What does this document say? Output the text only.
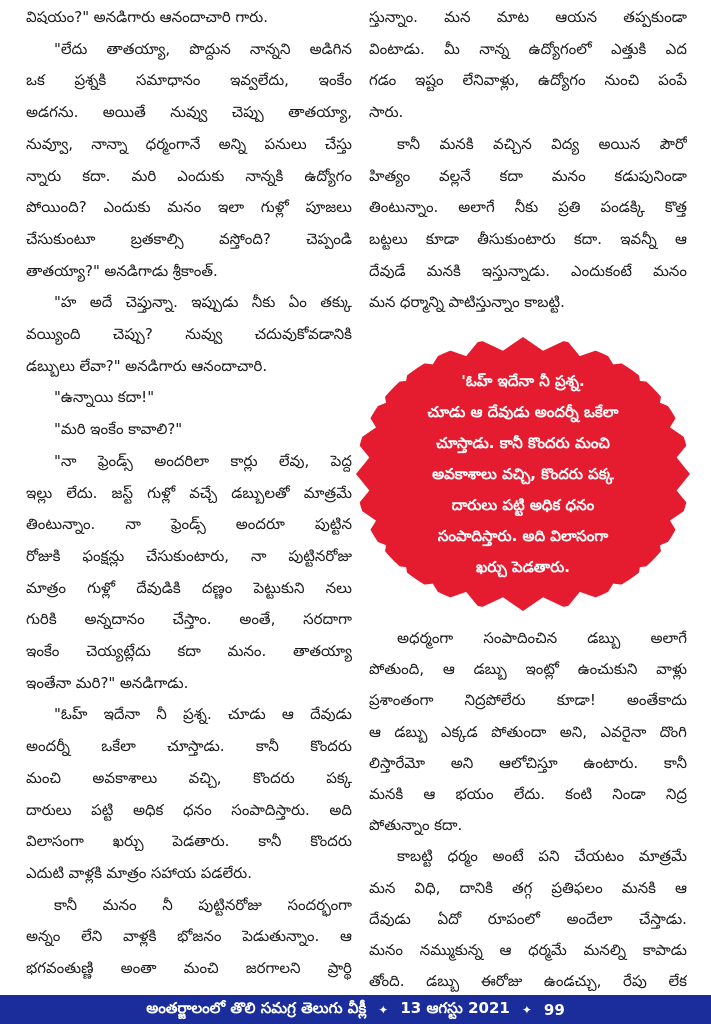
విషయం?" అనడిగారు ఆనందాచారి గారు.
"లేదు తాతయ్యా, పొద్దున నాన్నని అడిగిన
ఒక ప్రశ్నకి సమాధానం ఇవ్వలేదు, ఇంకేం
అడగను. అయితే నువ్వు చెప్పు తాతయ్యా,
నువ్వూ, నాన్నా ధర్మంగానే అన్ని పనులు చేస్తు
న్నారు కదా. మరి ఎందుకు నాన్నకి ఉద్యోగం
పోయింది? ఎందుకు మనం ఇలా గుళ్లో పూజలు
చేసుకుంటూ బ్రతకాల్సి వస్తోంది? చెప్పండి
తాతయ్యా?" అనడిగాడు శ్రీకాంత్.
"హ అదే చెప్తున్నా. ఇప్పుడు నీకు ఏం తక్కు
వయ్యింది చెప్పు? నువ్వు చదువుకోవడానికి
డబ్బులు లేవా?" అనడిగారు ఆనందాచారి.
"ఉన్నాయి కదా!"
"మరి ఇంకేం కావాలి?"
"నా ఫ్రెండ్స్ అందరిలా కార్లు లేవు, పెద్ద
ఇల్లు లేదు. జస్ట్ గుళ్లో వచ్చే డబ్బులతో మాత్రమే
తింటున్నాం. నా ఫ్రెండ్స్ అందరూ పుట్టిన
రోజుకి ఫంక్షన్లు చేసుకుంటారు, నా పుట్టినరోజు
మాత్రం గుళ్లో దేవుడికి దణ్ణం పెట్టుకుని నలు
గురికి అన్నదానం చేస్తాం. అంతే, సరదాగా
ఇంకేం చెయ్యట్లేదు కదా మనం. తాతయ్యా
ఇంతేనా మరి?" అనడిగాడు.
"ఓహ్ ఇదేనా నీ ప్రశ్న. చూడు ఆ దేవుడు
అందర్నీ ఒకేలా చూస్తాడు. కానీ కొందరు
మంచి అవకాశాలు వచ్చి, కొందరు పక్క
దారులు పట్టి అధిక ధనం సంపాదిస్తారు. అది
విలాసంగా ఖర్చు పెడతారు. కానీ కొందరు
ఎదుటి వాళ్లకి మాత్రం సహాయ పడలేరు.
కానీ మనం నీ పుట్టినరోజు సందర్భంగా
అన్నం లేని వాళ్లకి భోజనం పెడుతున్నాం. ఆ
భగవంతుణ్ణి అంతా మంచి జరగాలని ప్రార్థి
స్తున్నాం. మన మాట ఆయన తప్పకుండా
వింటాడు. మీ నాన్న ఉద్యోగంలో ఎత్తుకి ఎద
గడం ఇష్టం లేనివాళ్లు, ఉద్యోగం నుంచి పంపే
సారు.
కానీ మనకి వచ్చిన విద్య అయిన పౌరో
హిత్యం వల్లనే కదా మనం కడుపునిండా
తింటున్నాం. అలాగే నీకు ప్రతి పండక్కి కొత్త
బట్టలు కూడా తీసుకుంటారు కదా. ఇవన్నీ ఆ
దేవుడే మనకి ఇస్తున్నాడు. ఎందుకంటే మనం
మన ధర్మాన్ని పాటిస్తున్నాం కాబట్టి.
అధర్మంగా సంపాదించిన డబ్బు అలాగే
పోతుంది, ఆ డబ్బు ఇంట్లో ఉంచుకుని వాళ్లు
ప్రశాంతంగా నిద్రపోలేరు కూడా! అంతేకాదు
ఆ డబ్బు ఎక్కడ పోతుందా అని, ఎవరైనా దొంగి
లిస్తారేమో అని ఆలోచిస్తూ ఉంటారు. కానీ
మనకి ఆ భయం లేదు. కంటి నిండా నిద్ర
పోతున్నాం కదా.
కాబట్టి ధర్మం అంటే పని చేయటం మాత్రమే
మన విధి, దానికి తగ్గ ప్రతిఫలం మనకి ఆ
దేవుడు ఏదో రూపంలో అందేలా చేస్తాడు.
మనం నమ్ముకున్న ఆ ధర్మమే మనల్ని కాపాడు
తోంది. డబ్బు ఈరోజు ఉండచ్చు, రేపు లేక
'ఓహ్ ఇదేనా నీ ప్రశ్న.
చూడు ఆ దేవుడు అందర్నీ ఒకేలా
చూస్తాడు. కానీ కొందరు మంచి
అవకాశాలు వచ్చి, కొందరు పక్క
దారులు పట్టి అధిక ధనం
సంపాదిస్తారు. అది విలాసంగా
ఖర్చు పెడతారు.
అంతర్జాలంలో తొలి సమగ్ర తెలుగు వీక్లీ ✦ 13 ఆగస్టు 2021 ✦ 99
